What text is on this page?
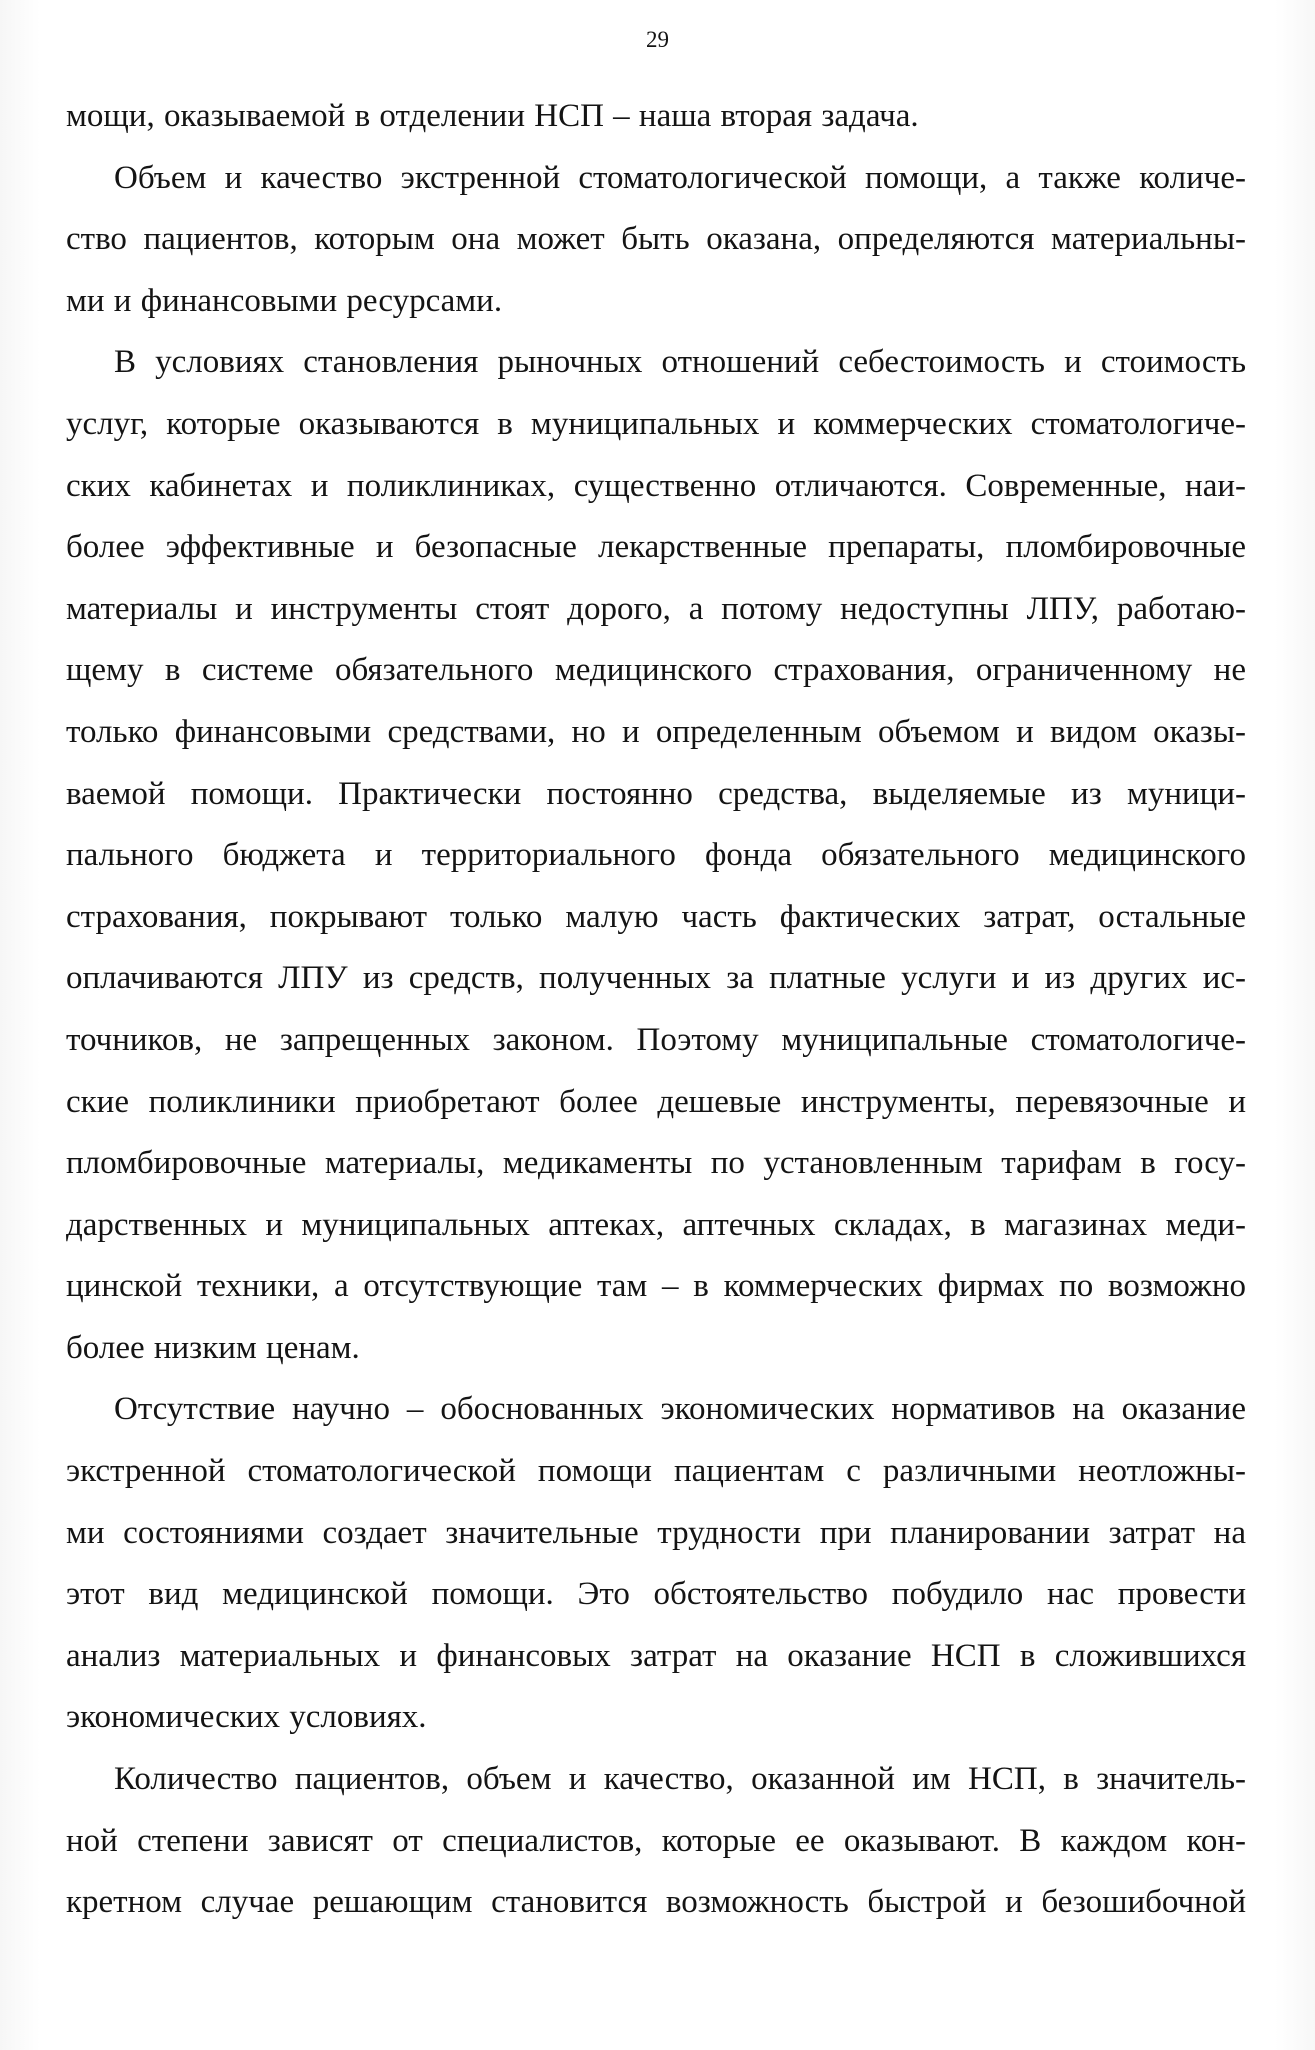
29

мощи, оказываемой в отделении НСП – наша вторая задача.

Объем и качество экстренной стоматологической помощи, а также количе-
ство пациентов, которым она может быть оказана, определяются материальны-
ми и финансовыми ресурсами.

В условиях становления рыночных отношений себестоимость и стоимость
услуг, которые оказываются в муниципальных и коммерческих стоматологиче-
ских кабинетах и поликлиниках, существенно отличаются. Современные, наи-
более эффективные и безопасные лекарственные препараты, пломбировочные
материалы и инструменты стоят дорого, а потому недоступны ЛПУ, работаю-
щему в системе обязательного медицинского страхования, ограниченному не
только финансовыми средствами, но и определенным объемом и видом оказы-
ваемой помощи. Практически постоянно средства, выделяемые из муници-
пального бюджета и территориального фонда обязательного медицинского
страхования, покрывают только малую часть фактических затрат, остальные
оплачиваются ЛПУ из средств, полученных за платные услуги и из других ис-
точников, не запрещенных законом. Поэтому муниципальные стоматологиче-
ские поликлиники приобретают более дешевые инструменты, перевязочные и
пломбировочные материалы, медикаменты по установленным тарифам в госу-
дарственных и муниципальных аптеках, аптечных складах, в магазинах меди-
цинской техники, а отсутствующие там – в коммерческих фирмах по возможно
более низким ценам.

Отсутствие научно – обоснованных экономических нормативов на оказание
экстренной стоматологической помощи пациентам с различными неотложны-
ми состояниями создает значительные трудности при планировании затрат на
этот вид медицинской помощи. Это обстоятельство побудило нас провести
анализ материальных и финансовых затрат на оказание НСП в сложившихся
экономических условиях.

Количество пациентов, объем и качество, оказанной им НСП, в значитель-
ной степени зависят от специалистов, которые ее оказывают. В каждом кон-
кретном случае решающим становится возможность быстрой и безошибочной
